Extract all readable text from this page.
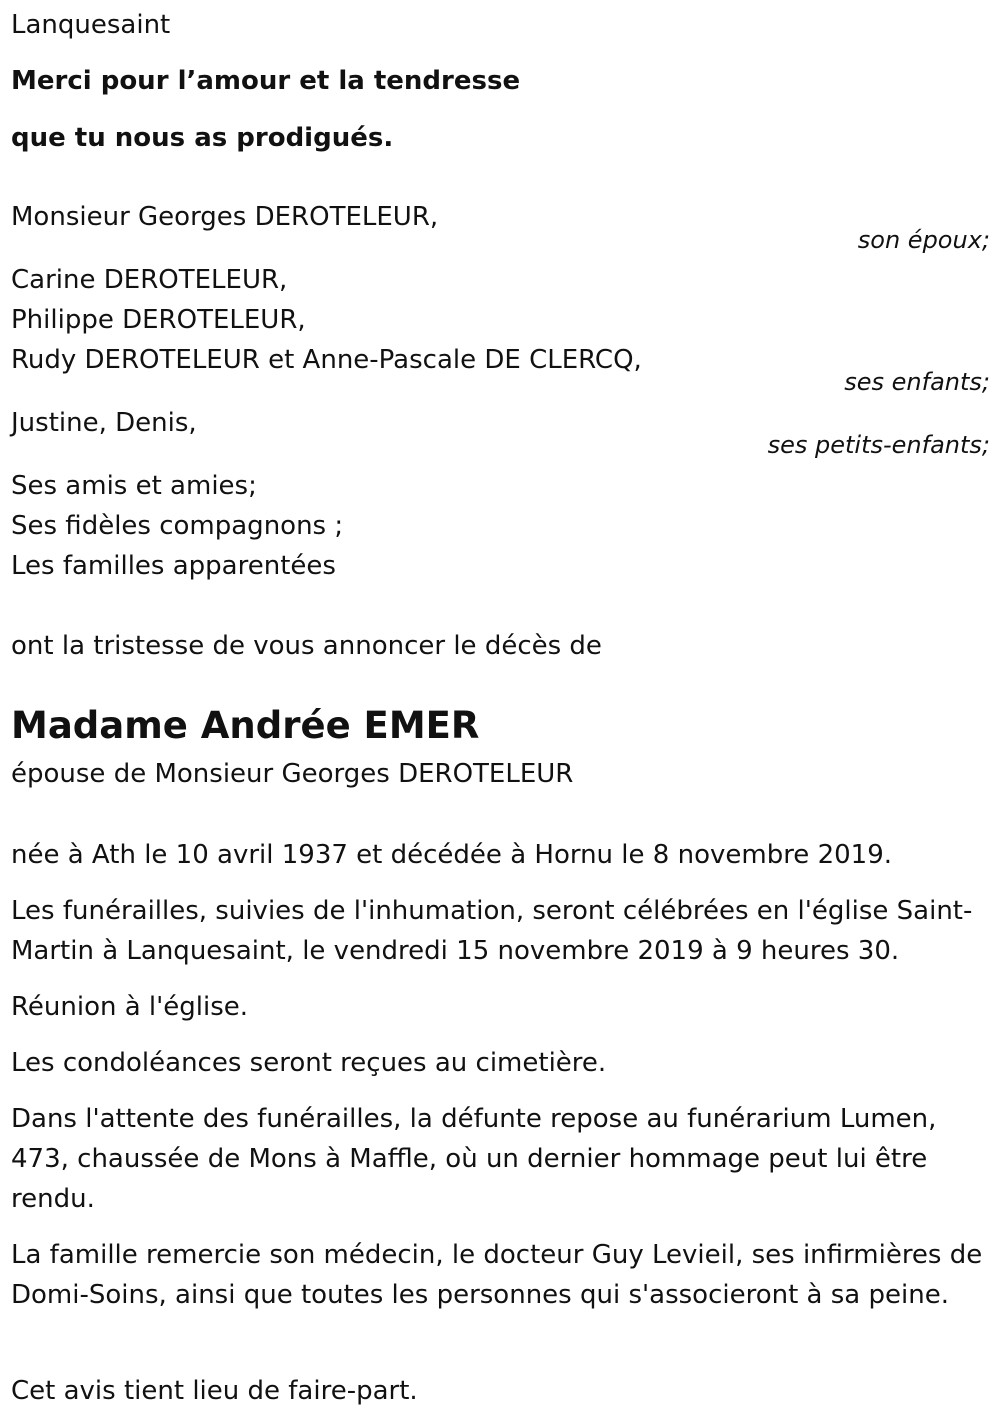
Lanquesaint

Merci pour l’amour et la tendresse

que tu nous as prodigués.

Monsieur Georges DEROTELEUR,

son époux;

Carine DEROTELEUR,

Philippe DEROTELEUR,

Rudy DEROTELEUR et Anne-Pascale DE CLERCQ,

ses enfants;

Justine, Denis,

ses petits-enfants;

Ses amis et amies;

Ses fidèles compagnons ;

Les familles apparentées

ont la tristesse de vous annoncer le décès de

Madame Andrée EMER

épouse de Monsieur Georges DEROTELEUR

née à Ath le 10 avril 1937 et décédée à Hornu le 8 novembre 2019.

Les funérailles, suivies de l'inhumation, seront célébrées en l'église Saint-Martin à Lanquesaint, le vendredi 15 novembre 2019 à 9 heures 30.

Réunion à l'église.

Les condoléances seront reçues au cimetière.

Dans l'attente des funérailles, la défunte repose au funérarium Lumen, 473, chaussée de Mons à Maffle, où un dernier hommage peut lui être rendu.

La famille remercie son médecin, le docteur Guy Levieil, ses infirmières de Domi-Soins, ainsi que toutes les personnes qui s'associeront à sa peine.

Cet avis tient lieu de faire-part.
